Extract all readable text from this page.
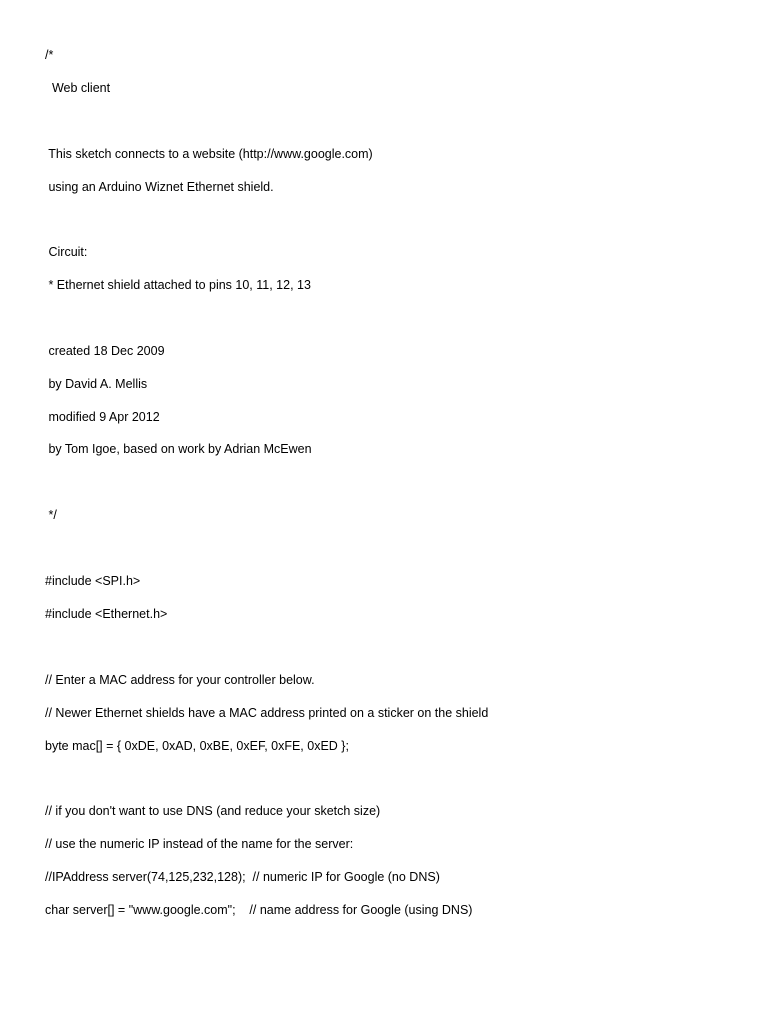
/*
Web client
This sketch connects to a website (http://www.google.com)
using an Arduino Wiznet Ethernet shield.
Circuit:
* Ethernet shield attached to pins 10, 11, 12, 13
created 18 Dec 2009
by David A. Mellis
modified 9 Apr 2012
by Tom Igoe, based on work by Adrian McEwen
*/
#include <SPI.h>
#include <Ethernet.h>
// Enter a MAC address for your controller below.
// Newer Ethernet shields have a MAC address printed on a sticker on the shield
byte mac[] = { 0xDE, 0xAD, 0xBE, 0xEF, 0xFE, 0xED };
// if you don't want to use DNS (and reduce your sketch size)
// use the numeric IP instead of the name for the server:
//IPAddress server(74,125,232,128);  // numeric IP for Google (no DNS)
char server[] = "www.google.com";    // name address for Google (using DNS)
